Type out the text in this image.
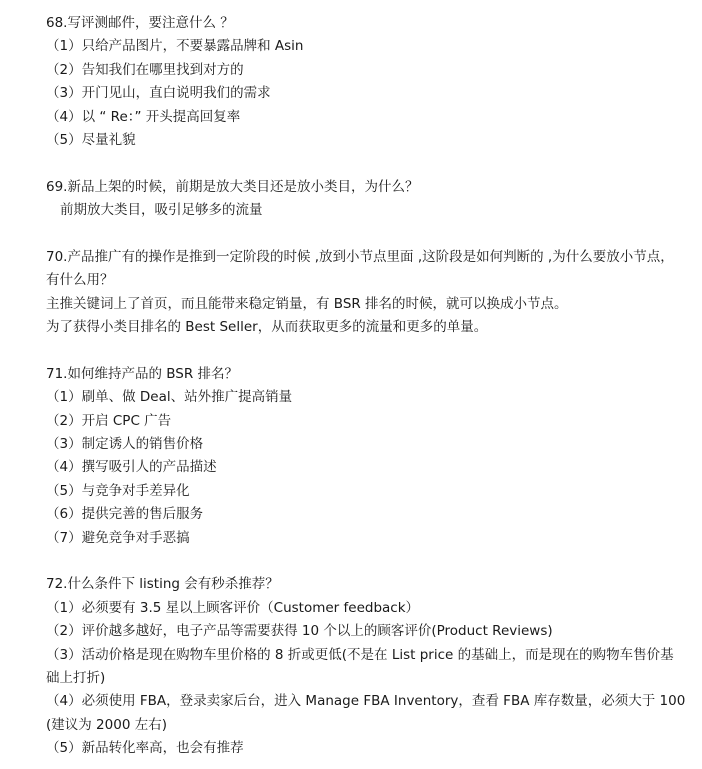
68.写评测邮件，要注意什么 ？
（1）只给产品图片，不要暴露品牌和 Asin
（2）告知我们在哪里找到对方的
（3）开门见山，直白说明我们的需求
（4）以 “ Re：” 开头提高回复率
（5）尽量礼貌
69.新品上架的时候，前期是放大类目还是放小类目，为什么？
前期放大类目，吸引足够多的流量
70.产品推广有的操作是推到一定阶段的时候 ,放到小节点里面 ,这阶段是如何判断的 ,为什么要放小节点，有什么用？
主推关键词上了首页，而且能带来稳定销量，有 BSR 排名的时候，就可以换成小节点。
为了获得小类目排名的 Best Seller，从而获取更多的流量和更多的单量。
71.如何维持产品的 BSR 排名？
（1）刷单、做 Deal、站外推广提高销量
（2）开启 CPC 广告
（3）制定诱人的销售价格
（4）撰写吸引人的产品描述
（5）与竞争对手差异化
（6）提供完善的售后服务
（7）避免竞争对手恶搞
72.什么条件下 listing 会有秒杀推荐？
（1）必须要有 3.5 星以上顾客评价（Customer feedback）
（2）评价越多越好，电子产品等需要获得 10 个以上的顾客评价(Product Reviews)
（3）活动价格是现在购物车里价格的 8 折或更低(不是在 List price 的基础上，而是现在的购物车售价基础上打折)
（4）必须使用 FBA，登录卖家后台，进入 Manage FBA Inventory，查看 FBA 库存数量，必须大于 100 (建议为 2000 左右)
（5）新品转化率高，也会有推荐
